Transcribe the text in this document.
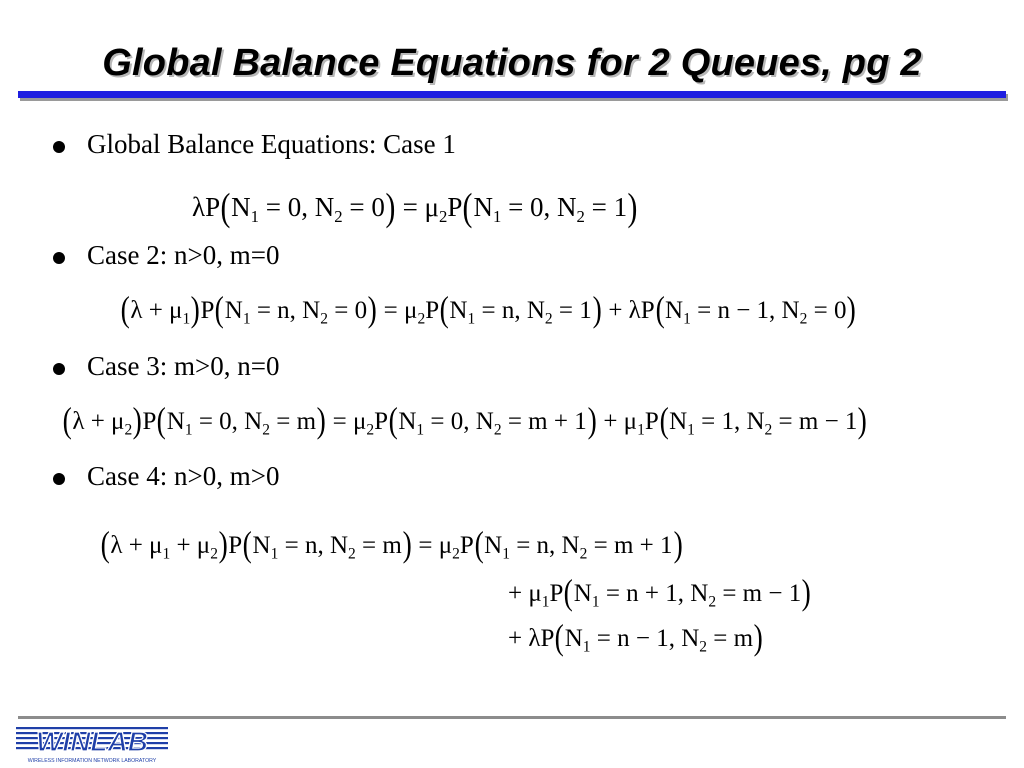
Global Balance Equations for 2 Queues, pg 2
Global Balance Equations: Case 1
$\lambda P(N_1 = 0$, $N_2 = 0) = \mu_2P(N_1 = 0$, $N_2 = 1$)
Case 2: n>0, m=0
$(\lambda + \mu_1)P(N_1 = n$, $N_2 = 0) = \mu_2P(N_1 = n$, $N_2 = 1) + \lambda P(N_1 = n - 1$, $N_2 = 0$)
Case 3: m>0, n=0
$(\lambda + \mu_2)P(N_1 = 0$, $N_2 = m) = \mu_2P(N_1 = 0$, $N_2 = m + 1) + \mu_1P(N_1 = 1$, $N_2 = m - 1$)
Case 4: n>0, m>0
$(\lambda + \mu_1 + \mu_2)P(N_1 = n$, $N_2 = m) = \mu_2P(N_1 = n$, $N_2 = m + 1$)
+ $\mu_1P(N_1 = n + 1$, $N_2 = m - 1$)
+ $\lambda P(N_1 = n - 1$, $N_2 = m$)
WINLAB
WIRELESS INFORMATION NETWORK LABORATORY
